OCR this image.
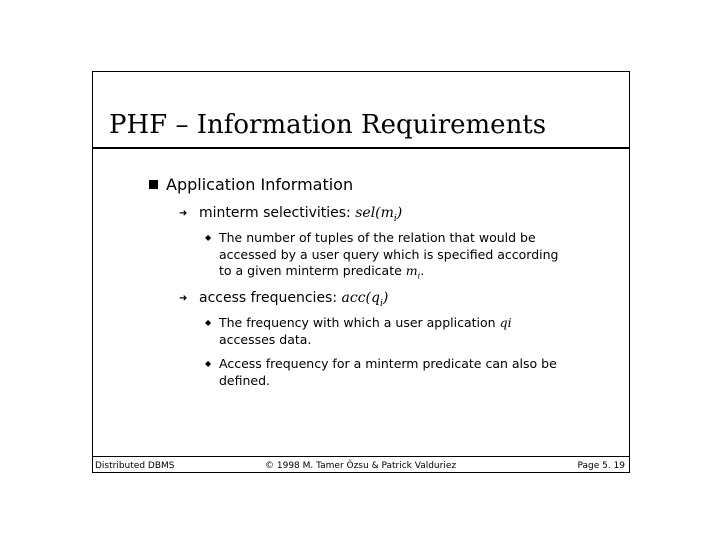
PHF – Information Requirements
Application Information
➜ minterm selectivities: $sel(m_i)$
◆ The number of tuples of the relation that would be accessed by a user query which is specified according to a given minterm predicate $m_i$.
➜ access frequencies: $acc(q_i)$
◆ The frequency with which a user application qi
accesses data.
◆ Access frequency for a minterm predicate can also be defined.
Distributed DBMS	© 1998 M. Tamer Özsu & Patrick Valduriez	Page 5. 19
